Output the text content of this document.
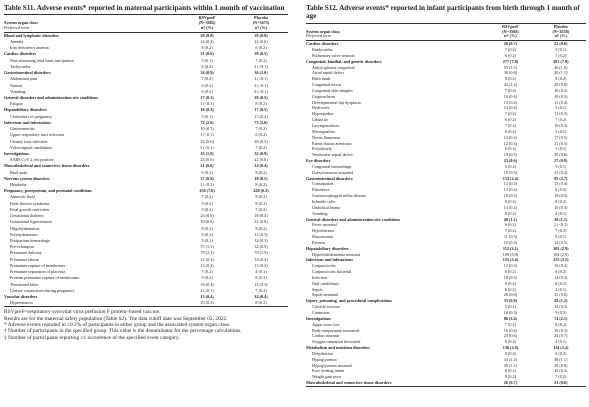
Table S11. Adverse events* reported in maternal participants within 1 month of vaccination
	RSVpreF	Placebo
System organ class	(N=3682)	(N=3675)
Preferred term	n† (%)	n† (%)
Blood and lymphatic disorders	38 (0.8)	29 (0.8)
Anemia	14 (0.4)	22 (0.6)
Iron deficiency anemia	6 (0.2)	6 (0.2)
Cardiac disorders	21 (0.6)	20 (0.5)
Non-reassuring fetal heart rate pattern	5 (0.1)	7 (0.2)
Tachycardia	6 (0.2)	2 (<0.1)
Gastrointestinal disorders	34 (0.9)	36 (1.0)
Abdominal pain	7 (0.2)	3 (<0.1)
Nausea	6 (0.2)	2 (<0.1)
Vomiting	6 (0.2)	2 (<0.1)
General disorders and administration site conditions	17 (0.5)	20 (0.5)
Fatigue	1 (<0.1)	8 (0.2)
Hepatobiliary disorders	10 (0.3)	17 (0.5)
Cholestasis of pregnancy	5 (0.1)	13 (0.4)
Infections and infestations	72 (2.0)	73 (2.0)
Gastroenteritis	10 (0.3)	7 (0.2)
Upper respiratory tract infection	1 (<0.1)	6 (0.2)
Urinary tract infection	22 (0.6)	20 (0.5)
Vulvovaginal candidiasis	3 (<0.1)	7 (0.2)
Investigations	35 (1.0)	32 (0.9)
SARS CoV 2 test positive	23 (0.6)	22 (0.6)
Musculoskeletal and connective tissue disorders	21 (0.6)	14 (0.4)
Back pain	6 (0.2)	8 (0.2)
Nervous system disorders	27 (0.8)	18 (0.5)
Headache	1 (<0.1)	8 (0.2)
Pregnancy, puerperium, and perinatal conditions	256 (7.0)	228 (6.2)
Amniotic fluid	7 (0.2)	8 (0.2)
Fetal distress syndrome	9 (0.2)	8 (0.2)
Fetal growth restriction	9 (0.2)	7 (0.2)
Gestational diabetes	23 (0.6)	16 (0.4)
Gestational hypertension	30 (0.8)	22 (0.6)
Oligohydramnios	8 (0.2)	8 (0.2)
Polyhydramnios	9 (0.2)	11 (0.3)
Postpartum hemorrhage	5 (0.1)	12 (0.3)
Pre-eclampsia	57 (1.5)	32 (0.9)
Premature delivery	79 (2.1)	70 (1.9)
Premature labour	12 (0.3)	14 (0.4)
Premature rupture of membranes	13 (0.4)	13 (0.4)
Premature separation of placenta	7 (0.2)	4 (0.1)
Preterm premature rupture of membranes	9 (0.2)	8 (0.2)
Threatened labor	16 (0.4)	11 (0.3)
Uterine contractions during pregnancy	2 (<0.1)	7 (0.2)
Vascular disorders	13 (0.4)	14 (0.4)
Hypertension	10 (0.3)	8 (0.2)
RSVpreF=respiratory syncytial virus prefusion F protein–based vaccine.
Results are for the maternal safety population (Table S2). The data cutoff date was September 02, 2022.
* Adverse events reported in ≥0.2% of participants in either group and the associated system organ class.
† Number of participants in the specified group. This value is the denominator for the percentage calculations.
‡ Number of participants reporting ≥1 occurrence of the specified event category.
Table S12. Adverse events* reported in infant participants from birth through 1 month of age
	RSVpreF	Placebo
System organ class	(N=3568)	(N=3558)
Preferred term	n† (%)	n† (%)
Cardiac disorders	26 (0.7)	23 (0.6)
Bradycardia	7 (0.2)	5 (0.1)
Pulmonary valve stenosis	6 (0.2)	7 (0.2)
Congenital, familial, and genetic disorders	277 (7.8)	281 (7.9)
Ankyloglossia congenital	53 (1.5)	36 (1.0)
Atrial septal defect	30 (0.8)	40 (1.1)
Birth mark	8 (0.2)	8 (0.2)
Congenital nevus	42 (1.2)	28 (0.8)
Congenital skin dimples	7 (0.2)	10 (0.3)
Cryptorchism	16 (0.4)	10 (0.3)
Developmental hip dysplasia	13 (0.4)	13 (0.4)
Hydrocele	13 (0.4)	5 (0.1)
Hypospadias	7 (0.2)	11 (0.3)
Labial tie	6 (0.2)	7 (0.2)
Laryngomalacia	7 (0.2)	10 (0.3)
Micrognathia	6 (0.2)	5 (0.1)
Nevus flammeus	14 (0.4)	17 (0.5)
Patent ductus arteriosus	12 (0.3)	11 (0.3)
Polydactyly	6 (0.2)	5 (0.1)
Ventricular septal defect	19 (0.5)	20 (0.6)
Eye disorders	23 (0.6)	27 (0.8)
Congenital hemorrhage	6 (0.2)	5 (0.1)
Dacryostenosis acquired	10 (0.3)	13 (0.4)
Gastrointestinal disorders	133 (3.4)	95 (2.7)
Constipation	12 (0.3)	13 (0.4)
Flatulence	13 (0.4)	6 (0.2)
Gastroesophageal reflux disease	19 (0.5)	19 (0.5)
Infantile colic	6 (0.2)	8 (0.2)
Umbilical hernia	13 (0.4)	10 (0.3)
Vomiting	8 (0.2)	4 (0.1)
General disorders and administration site conditions	40 (1.1)	38 (1.1)
Fever neonatal	6 (0.2)	2 (<0.1)
Hypothermia	7 (0.2)	7 (0.2)
Macrosomia	11 (0.3)	5 (0.1)
Pyrexia	10 (0.3)	12 (0.3)
Hepatobiliary disorders	112 (3.1)	103 (2.9)
Hyperbilirubinemia neonatal	109 (3.0)	104 (2.9)
Infections and infestations	123 (3.4)	123 (3.5)
Conjunctivitis	12 (0.3)	16 (0.4)
Conjunctivitis bacterial	6 (0.2)	6 (0.2)
Infection	18 (0.5)	14 (0.4)
Oral candidiasis	8 (0.2)	8 (0.2)
Sepsis	6 (0.2)	4 (0.1)
Sepsis neonatal	20 (0.6)	25 (0.6)
Injury, poisoning, and procedural complications	33 (0.9)	43 (1.2)
Clavicle fracture	5 (0.1)	12 (0.3)
Contusion	10 (0.3)	9 (0.3)
Investigations	86 (2.4)	74 (2.1)
Apgar score low	7 (0.2)	6 (0.2)
Body temperature increased	16 (0.4)	10 (0.3)
Cardiac murmur	23 (0.6)	24 (0.7)
Oxygen saturation decreased	6 (0.2)	4 (0.1)
Metabolism and nutrition disorders	138 (3.9)	114 (3.2)
Dehydration	8 (0.2)	6 (0.2)
Hypoglycemia	43 (1.2)	38 (1.1)
Hypoglycemia neonatal	39 (1.1)	29 (0.8)
Poor feeding infant	6 (0.2)	15 (0.4)
Weight gain poor	8 (0.2)	7 (0.2)
Musculoskeletal and connective tissue disorders	26 (0.7)	23 (0.6)
